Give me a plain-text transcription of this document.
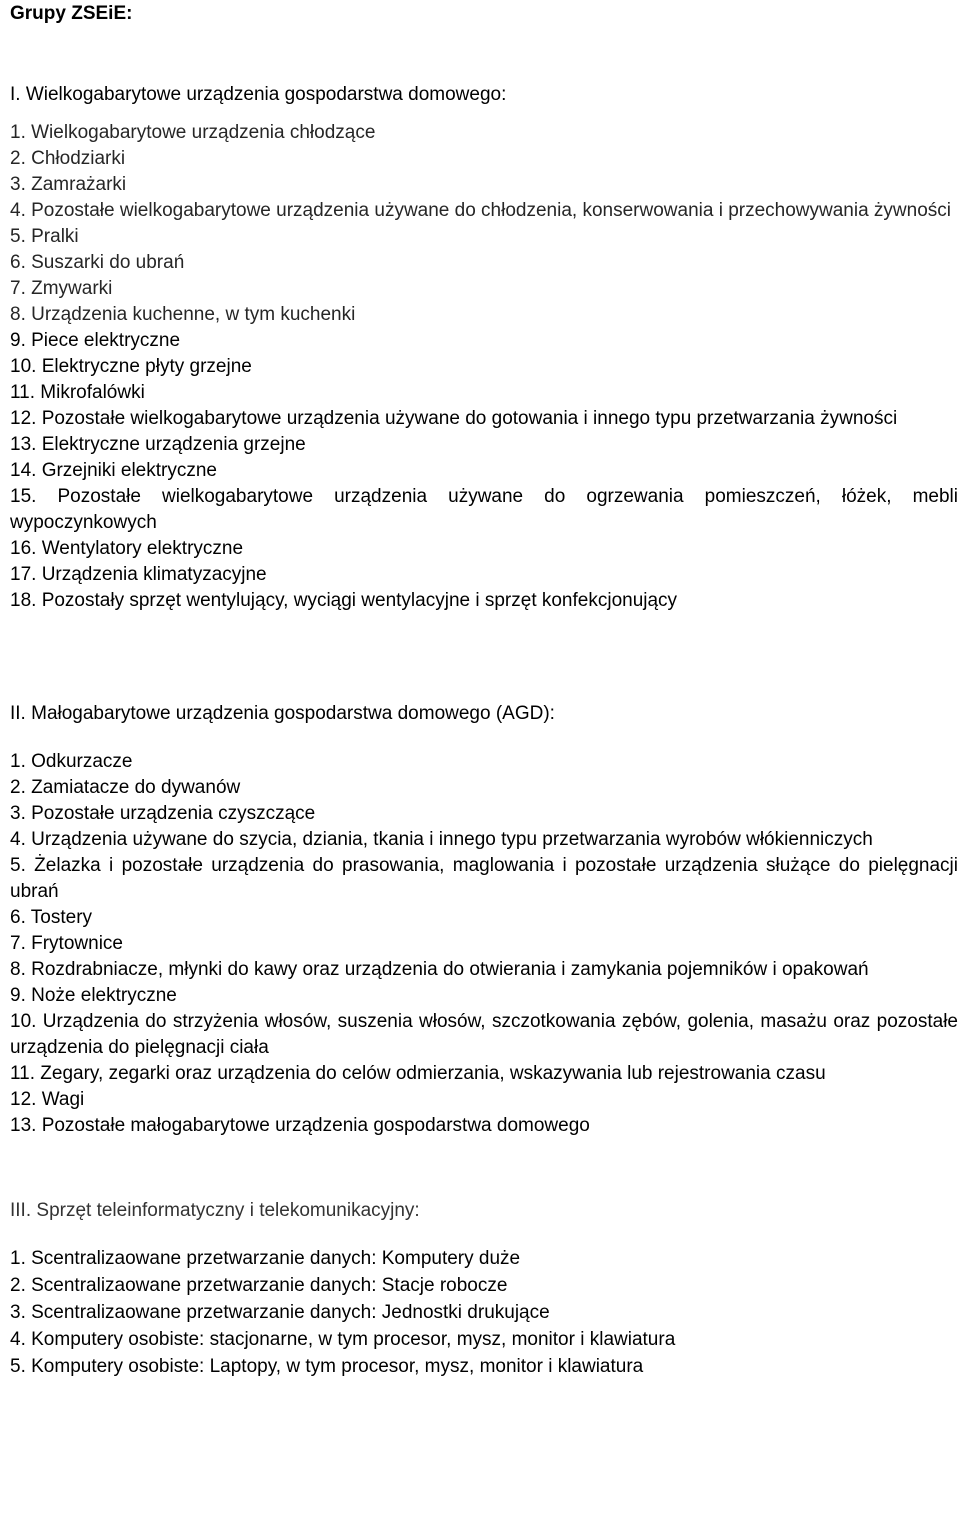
Grupy ZSEiE:
I. Wielkogabarytowe urządzenia gospodarstwa domowego:
1. Wielkogabarytowe urządzenia chłodzące
2. Chłodziarki
3. Zamrażarki
4. Pozostałe wielkogabarytowe urządzenia używane do chłodzenia, konserwowania i przechowywania żywności
5. Pralki
6. Suszarki do ubrań
7. Zmywarki
8. Urządzenia kuchenne, w tym kuchenki
9. Piece elektryczne
10. Elektryczne płyty grzejne
11. Mikrofalówki
12. Pozostałe wielkogabarytowe urządzenia używane do gotowania i innego typu przetwarzania żywności
13. Elektryczne urządzenia grzejne
14. Grzejniki elektryczne
15. Pozostałe wielkogabarytowe urządzenia używane do ogrzewania pomieszczeń, łóżek, mebli wypoczynkowych
16. Wentylatory elektryczne
17. Urządzenia klimatyzacyjne
18. Pozostały sprzęt wentylujący, wyciągi wentylacyjne i sprzęt konfekcjonujący
II. Małogabarytowe urządzenia gospodarstwa domowego (AGD):
1. Odkurzacze
2. Zamiatacze do dywanów
3. Pozostałe urządzenia czyszczące
4. Urządzenia używane do szycia, dziania, tkania i innego typu przetwarzania wyrobów włókienniczych
5. Żelazka i pozostałe urządzenia do prasowania, maglowania i pozostałe urządzenia służące do pielęgnacji ubrań
6. Tostery
7. Frytownice
8. Rozdrabniacze, młynki do kawy oraz urządzenia do otwierania i zamykania pojemników i opakowań
9. Noże elektryczne
10. Urządzenia do strzyżenia włosów, suszenia włosów, szczotkowania zębów, golenia, masażu oraz pozostałe urządzenia do pielęgnacji ciała
11. Zegary, zegarki oraz urządzenia do celów odmierzania, wskazywania lub rejestrowania czasu
12. Wagi
13. Pozostałe małogabarytowe urządzenia gospodarstwa domowego
III. Sprzęt teleinformatyczny i telekomunikacyjny:
1. Scentralizaowane przetwarzanie danych: Komputery duże
2. Scentralizaowane przetwarzanie danych: Stacje robocze
3. Scentralizaowane przetwarzanie danych: Jednostki drukujące
4. Komputery osobiste: stacjonarne, w tym procesor, mysz, monitor i klawiatura
5. Komputery osobiste: Laptopy, w tym procesor, mysz, monitor i klawiatura
